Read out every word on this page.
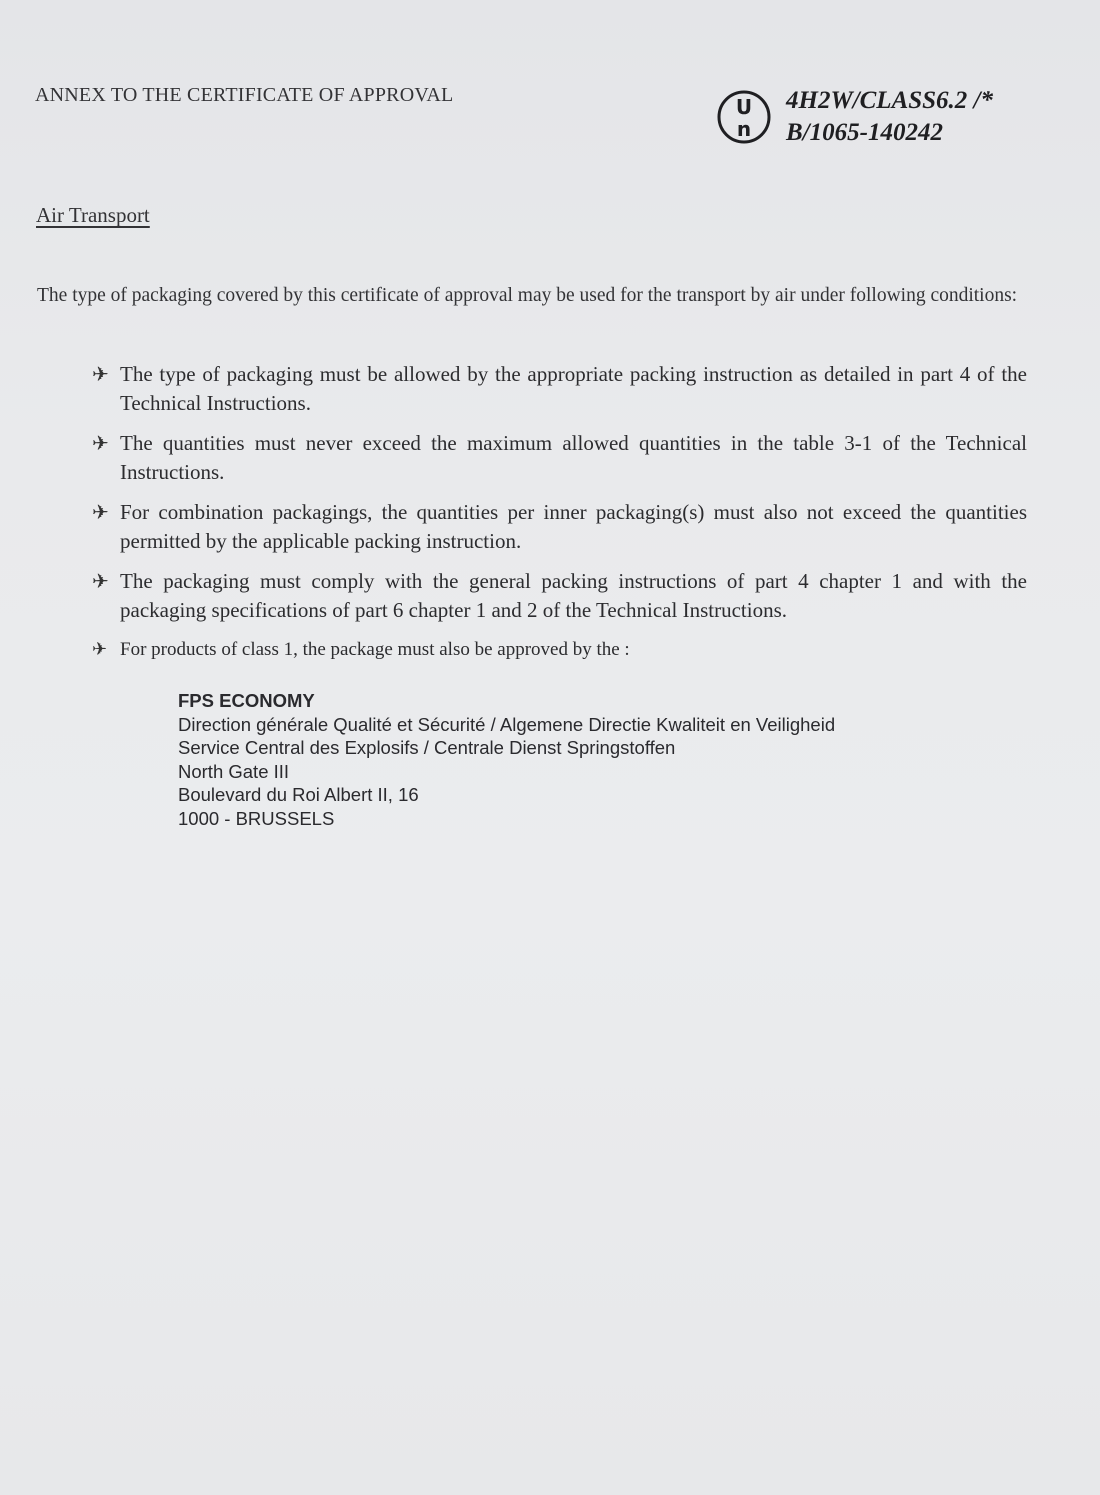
ANNEX TO THE CERTIFICATE OF APPROVAL	U
n
4H2W/CLASS6.2 /*
B/1065-140242
Air Transport
The type of packaging covered by this certificate of approval may be used for the transport by air under following conditions:
✈ The type of packaging must be allowed by the appropriate packing instruction as detailed in part 4 of the Technical Instructions.
✈ The quantities must never exceed the maximum allowed quantities in the table 3-1 of the Technical Instructions.
✈ For combination packagings, the quantities per inner packaging(s) must also not exceed the quantities permitted by the applicable packing instruction.
✈ The packaging must comply with the general packing instructions of part 4 chapter 1 and with the packaging specifications of part 6 chapter 1 and 2 of the Technical Instructions.
✈ For products of class 1, the package must also be approved by the :
FPS ECONOMY
Direction générale Qualité et Sécurité / Algemene Directie Kwaliteit en Veiligheid
Service Central des Explosifs / Centrale Dienst Springstoffen
North Gate III
Boulevard du Roi Albert II, 16
1000 - BRUSSELS
